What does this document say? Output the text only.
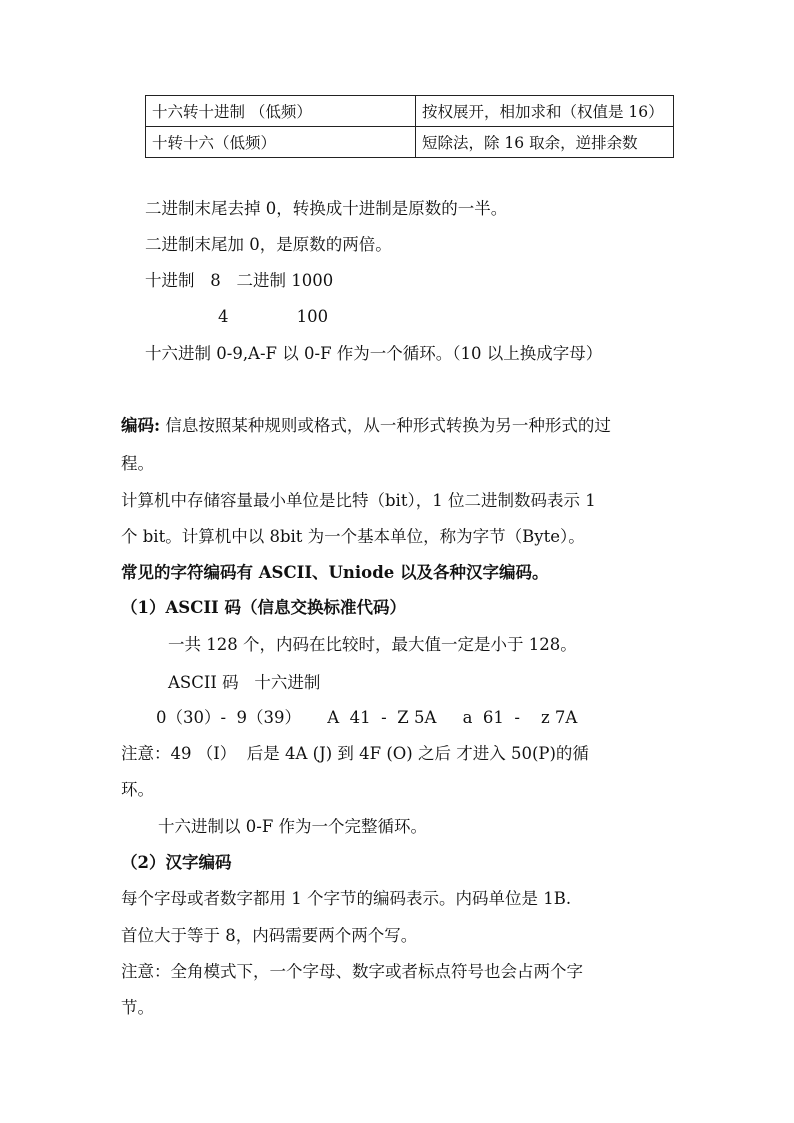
十六转十进制 （低频）	按权展开，相加求和（权值是 16）
十转十六（低频）	短除法，除 16 取余，逆排余数
二进制末尾去掉 0，转换成十进制是原数的一半。
二进制末尾加 0，是原数的两倍。
十进制   8   二进制 1000
4             100
十六进制 0-9,A-F 以 0-F 作为一个循环。（10 以上换成字母）
编码: 信息按照某种规则或格式，从一种形式转换为另一种形式的过
程。
计算机中存储容量最小单位是比特（bit），1 位二进制数码表示 1
个 bit。计算机中以 8bit 为一个基本单位，称为字节（Byte）。
常见的字符编码有 ASCII、Uniode 以及各种汉字编码。
（1）ASCII 码（信息交换标准代码）
一共 128 个，内码在比较时，最大值一定是小于 128。
ASCII 码   十六进制
0（30）-  9（39）     A  41  -  Z 5A     a  61  -    z 7A
注意：49 （I）  后是 4A (J) 到 4F (O) 之后 才进入 50(P)的循
环。
十六进制以 0-F 作为一个完整循环。
（2）汉字编码
每个字母或者数字都用 1 个字节的编码表示。内码单位是 1B.
首位大于等于 8，内码需要两个两个写。
注意：全角模式下，一个字母、数字或者标点符号也会占两个字
节。
